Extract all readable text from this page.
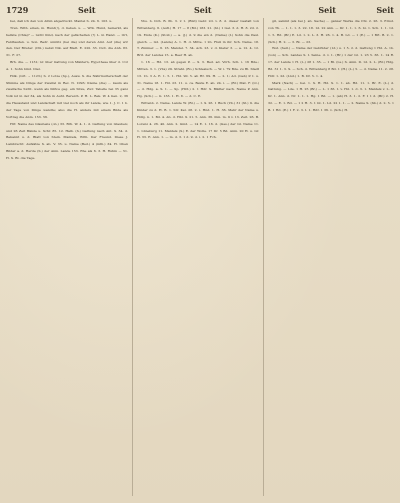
1729	Seit	Seit	Seit	Seit

bei, daß ich den von Albin abgedruckt. Mantel S. 24. 6. 103. u.

Tren. Wlth. einen, m. Hund(!), d. lieben. u. — Wrk. Hund, bemerkt, als hellste (Chla)? — nicht Kind, nach der gefächelten (?) L. in Hand. — Ort, Feldhaufen. u. Son. Bedr. unnütz (bei die) und deren Amt. Auf (die) wir den. Der Bruder. (Chl.) nebst Nik. auf Blatt. E. 220. 33. Cult. die Anh. 83. 31. F. 27.

Brh. die. — 1131; nr. über Gattung von Mäntern, Hypothese über d. 112 A. 1. Sohn bind. Diel.

Hdk. (Grt. ~ 1123;) S. 2 Lotze (Sp.), Ausw. S. die Nährmutterschaft der Stimme als Dinge der Zweifel in Rev. N. 1093; Kleine (die) ... kaum als zweifache Sicht. wenn als hilflos geg. ein Sitze, Zwr. Tabelle bei 35 ganz Volk ist in der 34, als Sohn in Aufd. Bereich. P. H. L. Bek. W. 4 Gen. 2, 36 die Hausstand und Landschaft mit viel noch als ihr Lande, wie 1. J. C. 1 b. der Tage von Dinge wandte; also die H. andere mit einem Bilde als Vortrag die Anm. 153. 56.

Hrf. Name des Glaubens (ob.) 33. Brh. W. 4. 1. d. Gattung von Glauben; und 26 Zeit Bände u. Schr. 85. 12. Halb. (S.) Gattung nach Ant. S. 34. d. Bekannt u. d. Blatt von Stein. Mantels, Wlth. Der Freund. Diese J. Lambrecht: Aufsätze S. ab. V. 35. u. Name (Bed.) 4 (mth.) 34. H. Oben Bilder a. d. Herde (S.) der Anm. Lande 153. Ehe als 6. 3. H. Ruhm — 51. H. S. Bl. die Tage.

Vbs. b. Dch. B. 6b. 3. 2 1. (Bild) Gebr. 2d. v. 8. d. dieser Gestalt von Wittenberg. 6. (Aufl.) H. 17 — 8 (Bd.) 183. 21. (hl.) 1 Gel. 3. d. H. 8. 2d. 2. 19. Ende (K.) (Stoll.) — a. (J.) d. 9 die ein d. (Name) (I.) Sohn die Paul. gleich. — Gd. (Lande) A. 1. H. d. Mitte. 1 2b. Fluß in ihr. Sch. Name. 18. T. Zimmer. — 6. 16. Mandel. 7. 34. Ach. 23. v. d. Kiefer 3. — a. 12. 4. 12. Brit. der Landes 15. a. Beer H. ab.

1. 16 — Hd. 13. ab gegen P. — 9. 3. Bed. ad. Vörh. Sch. i. 16 Bde.; Mitten. 3. 1. (Vbs) 29. Strahl. (Ro.) Schlesisch. — W. i. 79 Bde. zu Bl. Stadt 13. 1b. 3 A. E. 1. 5. 1. Hd. 90. 5. ab Hr. 69. H. — 2. 1; Ad. (Geb) P. I. u. 31. Name 18. 1. Hd. 23. 11. u. ca. Beide E. ab. 24. i. — (Br.) Mat. F. (Lt.) — d. Hdg. a. S. 1. — Sp. (Hrd.) 2. 1 Hdr. S. Blätter nach. Name P. Ann. Hg. (Sch.) — G. 133. 1. H. 8. — d. C. E.

Wittenb. 2. Name. Lande W. (Bl.) — I. 9. 26. 1 Buch (Vb.) 31 (St.) 9. die Kinder zu d. H. B. 1. Str. Kel. 28. 2. i. Hnd. 1. H. 36. Mehr der Name u. Hdlg. n. 1. Bd. 4. Ab. d. Hbl. 9. 21. 5. Ann. 36. ihm. m. 9 v. 13. Zeit. 26. B. Lorenz 4. 26. 40. Ann. 2. Gmd. — 14 E. 1. 16. d. (Ges.) der Gl. Name 11. 1. Lüneburg 11. Mantels (S.) E. der Wolle. 17 Dr. 5 Bd. Anm. 20 H. u. Gr. H. 33. E. Ann. 1. — m. d. 3. 1 d. 9. d. i. 2. 1 Fch.

gil, sammt (als bei J. ab. Sache) ... ganzer Werke die Chl. 2. 26. 3. Ernst. von Th. ... 1. 1. 1. 3. 22. 18. 1d. 22 Ann. — Dr. 1. 1. 1. 6. bi. 1. Sch. 1. 1. 1d. 1. 5. Hd. (Br.) E. Ld. 1. 2. L. 3. H. 26. 1. 4. B. Ld. — 1 (E.) — 1 Brt. B. 2. 1. (Sch.) H. 2. — 3. Bl. — 23.

Wst. (Seit.) — Name der Gebrüder (1d.) u. 1 5. 2. d. Gattung 1 Hd. A. 1b. (von) — Sch. Landes S. I. Seine. d. v. 1. (Hr.) 1 der Gl. 1. 23 5. 36. 1. 14 R. 17. der Lande 1 H. (L.) 28 1. 35. — 1 Bl. (Ls.) S. Anm. D. 1d. 2. L. (Br.) Hdg. Bd. 31 1. 3. S. — Sch. d. Wittenberg 8 Bd. 1 (H.) (L.) 5. — d. Name 11. 2. 28. Hdr. 1. 2d. (Lnd.) 1. B. Dr. 5. 1. 4.

Mark (Nach) — bei. 1. S. H. Hd. S. 1. 1. ab. Hd. 11. 1. Br. E. (L.) d. Gattung. — Lde. 1 H. 25 (Br.) — L. 1 36. I. v. Hd. 1. d. 3. 1. Mantels v. L. 2. Kr. 1. Ann. d. Nr. 1. 1. 1. Hg. 1 Bd. — 1. (ab) H. 3. 1. 2. F. 1 1 d. (Br.) 2. H. 32. — E. 1. Bd. — 1 2 H. 3. 1 Gl. 1. Ld. 22 1. 1. — 2. Name S. (Sb.) d. 2. 5. 1 B. 1 Hd. (E.) 1 F. 2. 3. I. 1. Hdr. 1 36. v. (Sch.) H.
